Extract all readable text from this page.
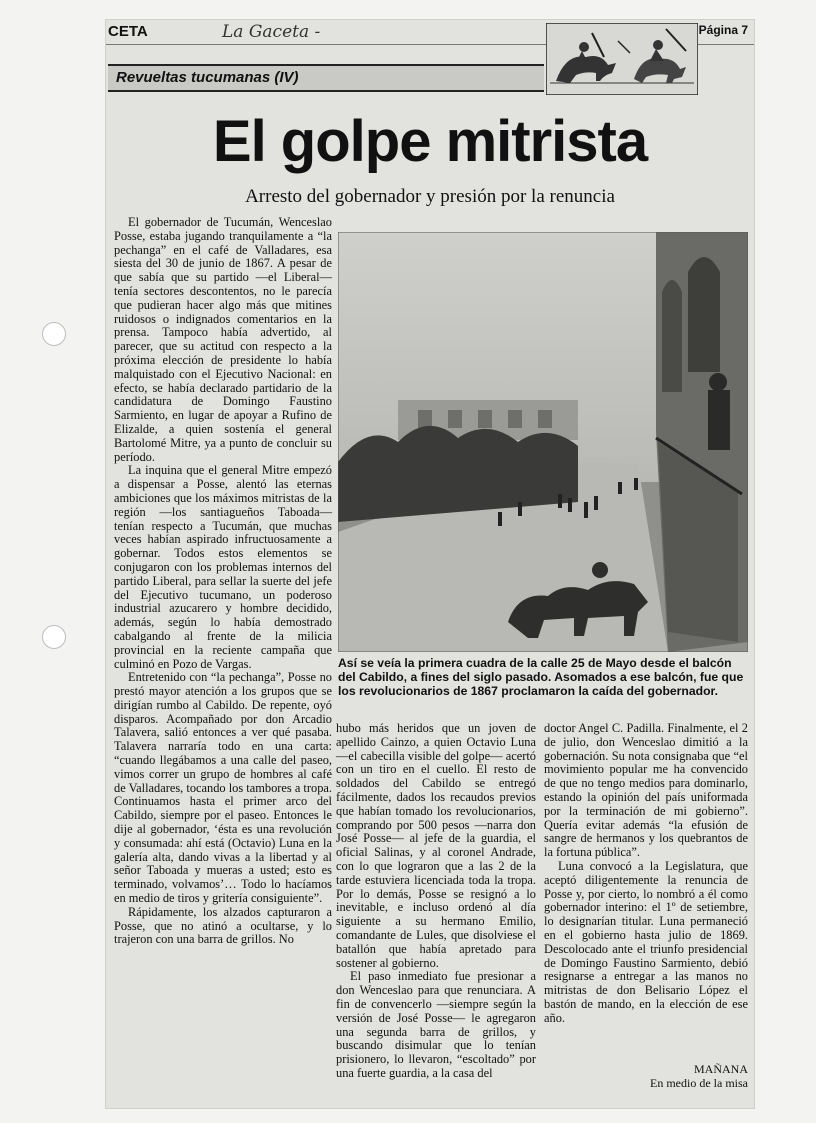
CETA	La Gaceta -	Página 7
Revueltas tucumanas (IV)
El golpe mitrista
Arresto del gobernador y presión por la renuncia

El gobernador de Tucumán, Wenceslao Posse, estaba jugando tranquilamente a “la pechanga” en el café de Valladares, esa siesta del 30 de junio de 1867. A pesar de que sabía que su partido —el Liberal— tenía sectores descontentos, no le parecía que pudieran hacer algo más que mitines ruidosos o indignados comentarios en la prensa. Tampoco había advertido, al parecer, que su actitud con respecto a la próxima elección de presidente lo había malquistado con el Ejecutivo Nacional: en efecto, se había declarado partidario de la candidatura de Domingo Faustino Sarmiento, en lugar de apoyar a Rufino de Elizalde, a quien sostenía el general Bartolomé Mitre, ya a punto de concluir su período.

La inquina que el general Mitre empezó a dispensar a Posse, alentó las eternas ambiciones que los máximos mitristas de la región —los santiagueños Taboada— tenían respecto a Tucumán, que muchas veces habían aspirado infructuosamente a gobernar. Todos estos elementos se conjugaron con los problemas internos del partido Liberal, para sellar la suerte del jefe del Ejecutivo tucumano, un poderoso industrial azucarero y hombre decidido, además, según lo había demostrado cabalgando al frente de la milicia provincial en la reciente campaña que culminó en Pozo de Vargas.

Entretenido con “la pechanga”, Posse no prestó mayor atención a los grupos que se dirigían rumbo al Cabildo. De repente, oyó disparos. Acompañado por don Arcadio Talavera, salió entonces a ver qué pasaba. Talavera narraría todo en una carta: “cuando llegábamos a una calle del paseo, vimos correr un grupo de hombres al café de Valladares, tocando los tambores a tropa. Continuamos hasta el primer arco del Cabildo, siempre por el paseo. Entonces le dije al gobernador, ‘ésta es una revolución y consumada: ahí está (Octavio) Luna en la galería alta, dando vivas a la libertad y al señor Taboada y mueras a usted; esto es terminado, volvamos’… Todo lo hacíamos en medio de tiros y gritería consiguiente”.

Rápidamente, los alzados capturaron a Posse, que no atinó a ocultarse, y lo trajeron con una barra de grillos. No

Así se veía la primera cuadra de la calle 25 de Mayo desde el balcón del Cabildo, a fines del siglo pasado. Asomados a ese balcón, fue que los revolucionarios de 1867 proclamaron la caída del gobernador.

hubo más heridos que un joven de apellido Cainzo, a quien Octavio Luna —el cabecilla visible del golpe— acertó con un tiro en el cuello. El resto de soldados del Cabildo se entregó fácilmente, dados los recaudos previos que habían tomado los revolucionarios, comprando por 500 pesos —narra don José Posse— al jefe de la guardia, el oficial Salinas, y al coronel Andrade, con lo que lograron que a las 2 de la tarde estuviera licenciada toda la tropa. Por lo demás, Posse se resignó a lo inevitable, e incluso ordenó al día siguiente a su hermano Emilio, comandante de Lules, que disolviese el batallón que había apretado para sostener al gobierno.

El paso inmediato fue presionar a don Wenceslao para que renunciara. A fin de convencerlo —siempre según la versión de José Posse— le agregaron una segunda barra de grillos, y buscando disimular que lo tenían prisionero, lo llevaron, “escoltado” por una fuerte guardia, a la casa del

doctor Angel C. Padilla. Finalmente, el 2 de julio, don Wenceslao dimitió a la gobernación. Su nota consignaba que “el movimiento popular me ha convencido de que no tengo medios para dominarlo, estando la opinión del país uniformada por la terminación de mi gobierno”. Quería evitar además “la efusión de sangre de hermanos y los quebrantos de la fortuna pública”.

Luna convocó a la Legislatura, que aceptó diligentemente la renuncia de Posse y, por cierto, lo nombró a él como gobernador interino: el 1º de setiembre, lo designarían titular. Luna permaneció en el gobierno hasta julio de 1869. Descolocado ante el triunfo presidencial de Domingo Faustino Sarmiento, debió resignarse a entregar a las manos no mitristas de don Belisario López el bastón de mando, en la elección de ese año.

MAÑANA
En medio de la misa
